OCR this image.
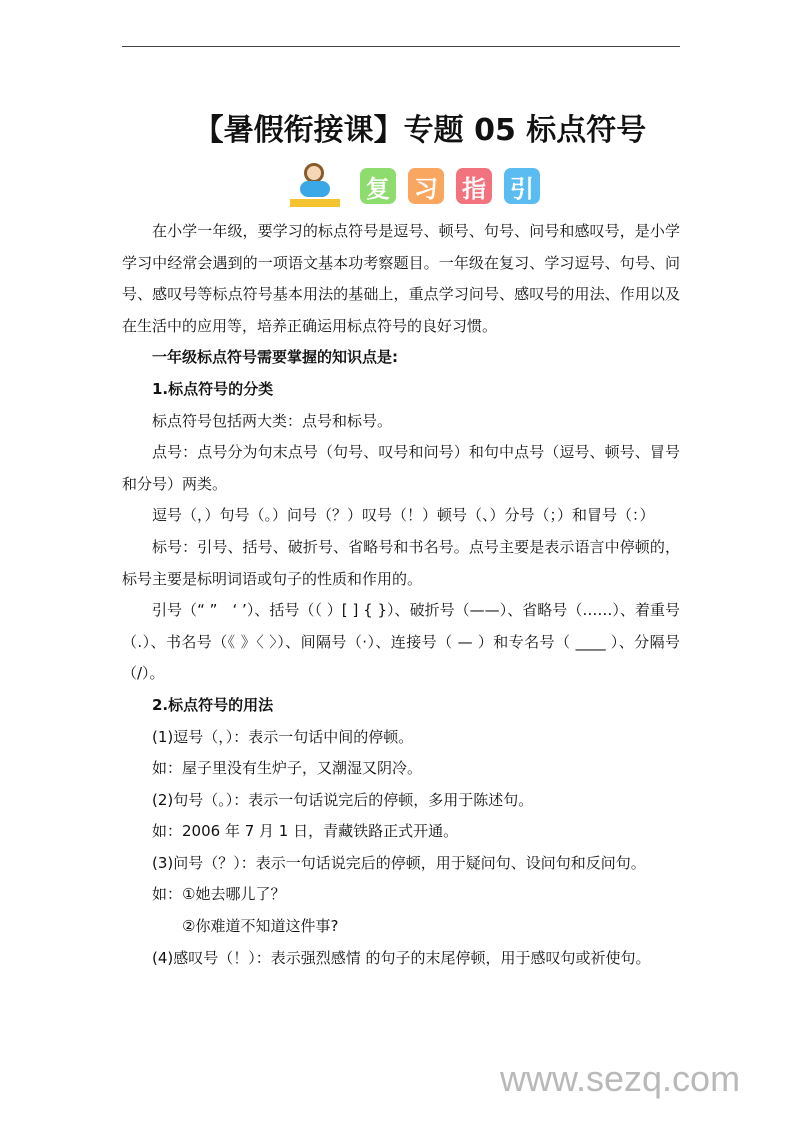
【暑假衔接课】专题 05 标点符号
复 习 指 引

在小学一年级，要学习的标点符号是逗号、顿号、句号、问号和感叹号，是小学学习中经常会遇到的一项语文基本功考察题目。一年级在复习、学习逗号、句号、问号、感叹号等标点符号基本用法的基础上，重点学习问号、感叹号的用法、作用以及在生活中的应用等，培养正确运用标点符号的良好习惯。

一年级标点符号需要掌握的知识点是:

1.标点符号的分类

标点符号包括两大类：点号和标号。

点号：点号分为句末点号（句号、叹号和问号）和句中点号（逗号、顿号、冒号和分号）两类。

逗号（，）句号（。）问号（？）叹号（！）顿号（、）分号（；）和冒号（：）

标号：引号、括号、破折号、省略号和书名号。点号主要是表示语言中停顿的，标号主要是标明词语或句子的性质和作用的。

引号（“ ”　‘ ’）、括号（（ ）[ ] { }）、破折号（——）、省略号（……）、着重号（.）、书名号（《 》〈 〉）、间隔号（·）、连接号（ — ）和专名号（ ____ ）、分隔号（/）。

2.标点符号的用法

(1)逗号（，）：表示一句话中间的停顿。

如：屋子里没有生炉子，又潮湿又阴冷。

(2)句号（。）：表示一句话说完后的停顿，多用于陈述句。

如：2006 年 7 月 1 日，青藏铁路正式开通。

(3)问号（？）：表示一句话说完后的停顿，用于疑问句、设问句和反问句。

如：①她去哪儿了？

②你难道不知道这件事?

(4)感叹号（！）：表示强烈感情 的句子的末尾停顿，用于感叹句或祈使句。

www.sezq.com
